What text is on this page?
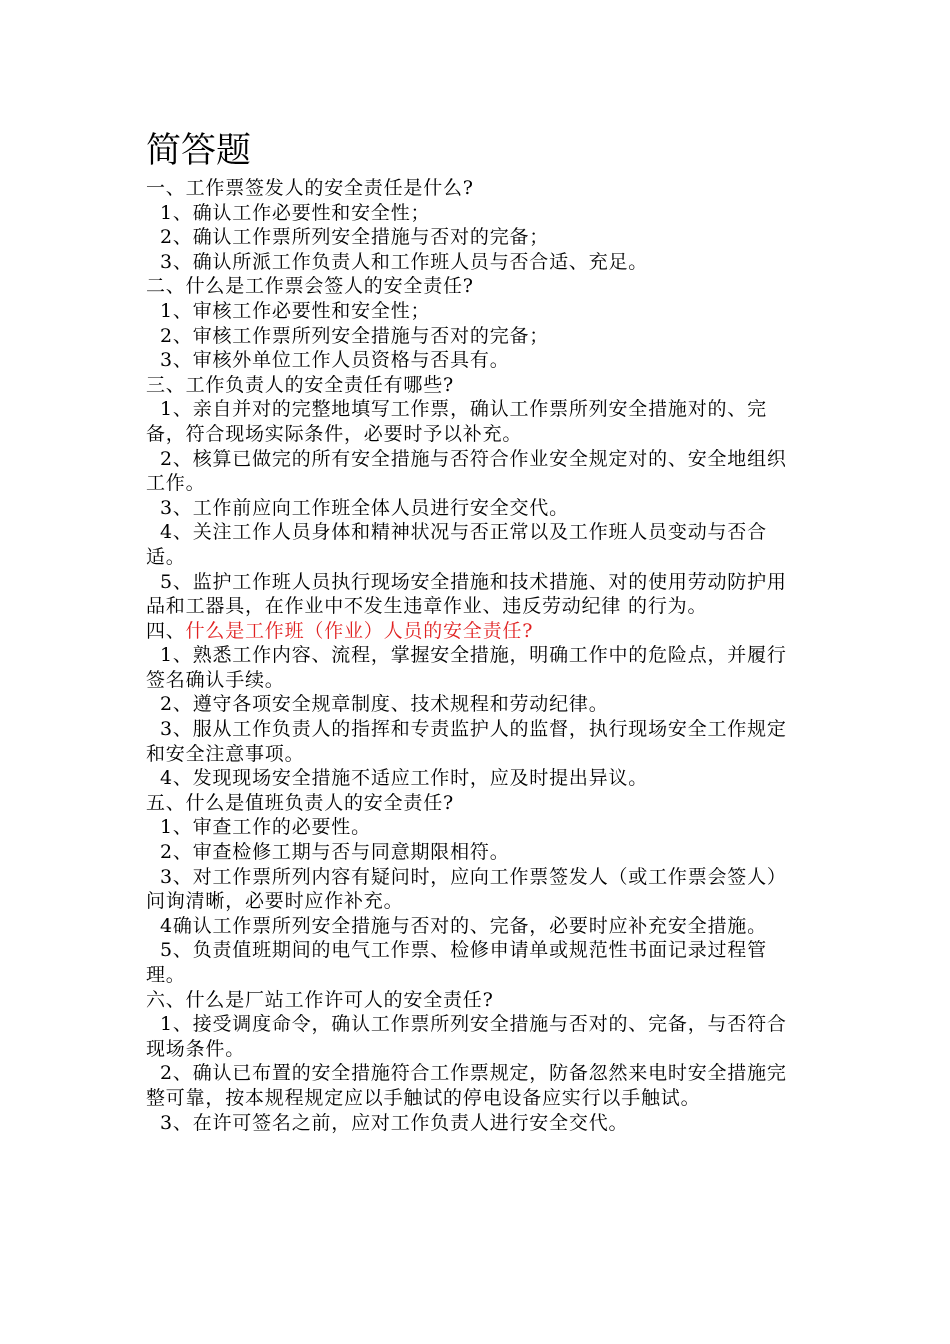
简答题
一、工作票签发人的安全责任是什么?
1、确认工作必要性和安全性；
2、确认工作票所列安全措施与否对的完备；
3、确认所派工作负责人和工作班人员与否合适、充足。
二、什么是工作票会签人的安全责任?
1、审核工作必要性和安全性；
2、审核工作票所列安全措施与否对的完备；
3、审核外单位工作人员资格与否具有。
三、工作负责人的安全责任有哪些?
1、亲自并对的完整地填写工作票，确认工作票所列安全措施对的、完备，符合现场实际条件，必要时予以补充。
2、核算已做完的所有安全措施与否符合作业安全规定对的、安全地组织工作。
3、工作前应向工作班全体人员进行安全交代。
4、关注工作人员身体和精神状况与否正常以及工作班人员变动与否合适。
5、监护工作班人员执行现场安全措施和技术措施、对的使用劳动防护用品和工器具，在作业中不发生违章作业、违反劳动纪律 的行为。
四、什么是工作班（作业）人员的安全责任?
1、熟悉工作内容、流程，掌握安全措施，明确工作中的危险点，并履行签名确认手续。
2、遵守各项安全规章制度、技术规程和劳动纪律。
3、服从工作负责人的指挥和专责监护人的监督，执行现场安全工作规定和安全注意事项。
4、发现现场安全措施不适应工作时，应及时提出异议。
五、什么是值班负责人的安全责任?
1、审查工作的必要性。
2、审查检修工期与否与同意期限相符。
3、对工作票所列内容有疑问时，应向工作票签发人（或工作票会签人）问询清晰，必要时应作补充。
4确认工作票所列安全措施与否对的、完备，必要时应补充安全措施。
5、负责值班期间的电气工作票、检修申请单或规范性书面记录过程管理。
六、什么是厂站工作许可人的安全责任?
1、接受调度命令，确认工作票所列安全措施与否对的、完备，与否符合现场条件。
2、确认已布置的安全措施符合工作票规定，防备忽然来电时安全措施完整可靠，按本规程规定应以手触试的停电设备应实行以手触试。
3、在许可签名之前，应对工作负责人进行安全交代。
